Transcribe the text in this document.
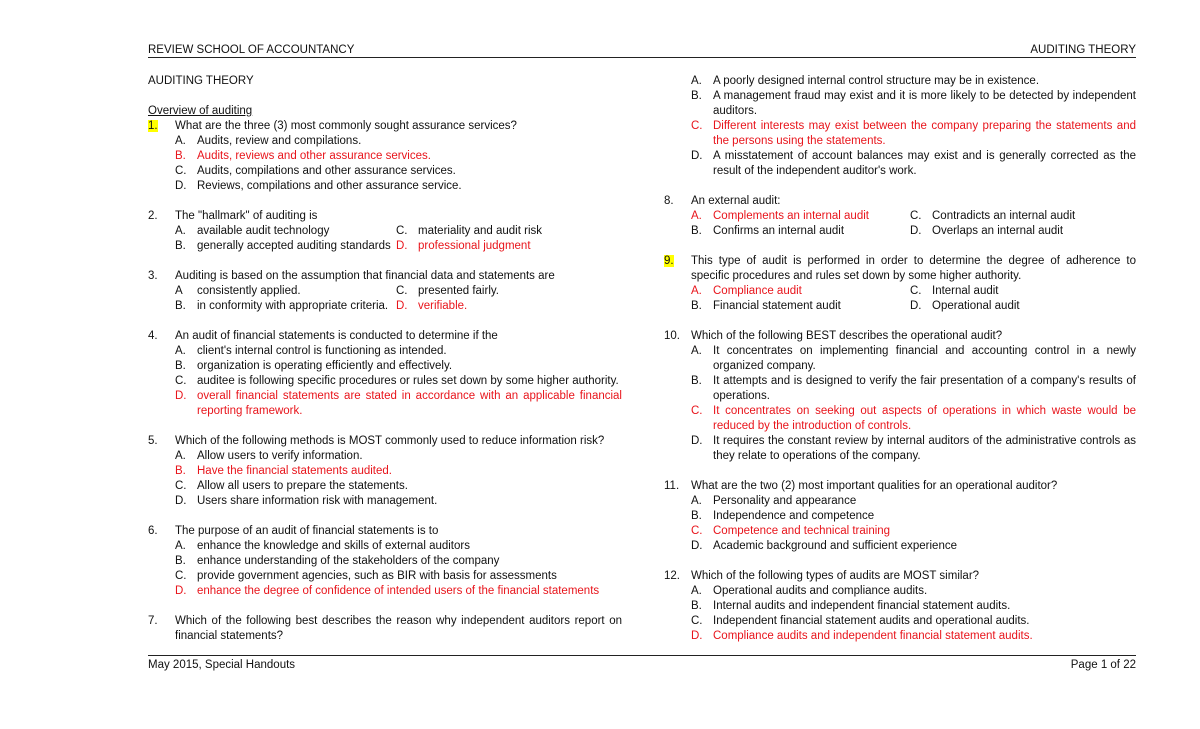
REVIEW SCHOOL OF ACCOUNTANCY	AUDITING THEORY
AUDITING THEORY
Overview of auditing
1.	What are the three (3) most commonly sought assurance services?
A. Audits, review and compilations.
B. Audits, reviews and other assurance services.
C. Audits, compilations and other assurance services.
D. Reviews, compilations and other assurance service.
2.	The "hallmark" of auditing is
A. available audit technology	C. materiality and audit risk
B. generally accepted auditing standards D. professional judgment
3.	Auditing is based on the assumption that financial data and statements are
A	consistently applied.	C. presented fairly.
B. in conformity with appropriate criteria. D. verifiable.
4.	An audit of financial statements is conducted to determine if the
A. client's internal control is functioning as intended.
B. organization is operating efficiently and effectively.
C. auditee is following specific procedures or rules set down by some higher authority.
D. overall financial statements are stated in accordance with an applicable financial reporting framework.
5.	Which of the following methods is MOST commonly used to reduce information risk?
A. Allow users to verify information.
B. Have the financial statements audited.
C. Allow all users to prepare the statements.
D. Users share information risk with management.
6.	The purpose of an audit of financial statements is to
A. enhance the knowledge and skills of external auditors
B. enhance understanding of the stakeholders of the company
C. provide government agencies, such as BIR with basis for assessments
D. enhance the degree of confidence of intended users of the financial statements
7.	Which of the following best describes the reason why independent auditors report on financial statements?
A. A poorly designed internal control structure may be in existence.
B. A management fraud may exist and it is more likely to be detected by independent auditors.
C. Different interests may exist between the company preparing the statements and the persons using the statements.
D. A misstatement of account balances may exist and is generally corrected as the result of the independent auditor's work.
8.	An external audit:
A. Complements an internal audit	C. Contradicts an internal audit
B. Confirms an internal audit	D. Overlaps an internal audit
9.	This type of audit is performed in order to determine the degree of adherence to specific procedures and rules set down by some higher authority.
A. Compliance audit	C. Internal audit
B. Financial statement audit	D. Operational audit
10. Which of the following BEST describes the operational audit?
A. It concentrates on implementing financial and accounting control in a newly organized company.
B. It attempts and is designed to verify the fair presentation of a company's results of operations.
C. It concentrates on seeking out aspects of operations in which waste would be reduced by the introduction of controls.
D. It requires the constant review by internal auditors of the administrative controls as they relate to operations of the company.
11.	What are the two (2) most important qualities for an operational auditor?
A. Personality and appearance
B. Independence and competence
C. Competence and technical training
D. Academic background and sufficient experience
12. Which of the following types of audits are MOST similar?
A. Operational audits and compliance audits.
B. Internal audits and independent financial statement audits.
C. Independent financial statement audits and operational audits.
D. Compliance audits and independent financial statement audits.
May 2015, Special Handouts	Page 1 of 22
